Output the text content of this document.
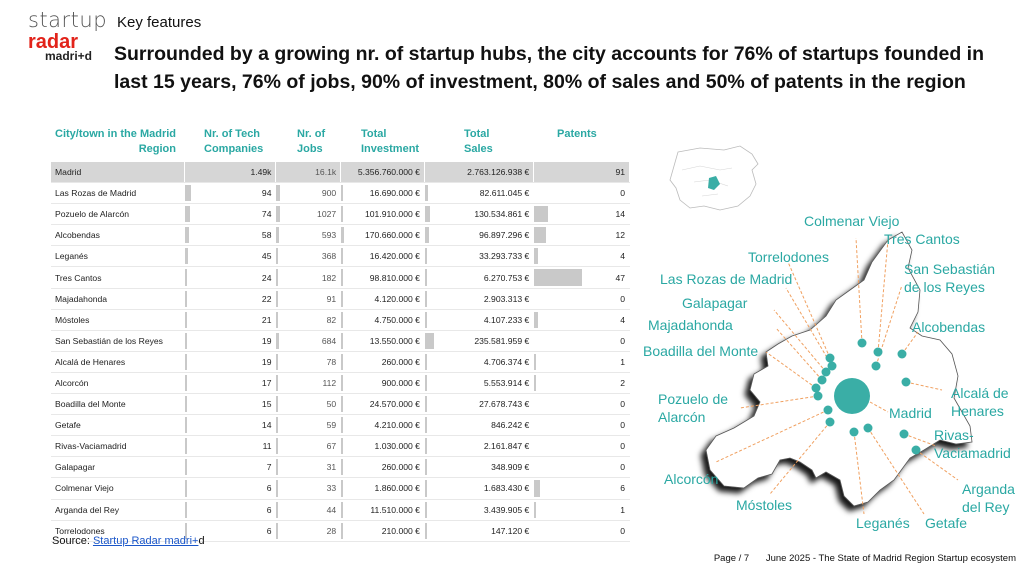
startup
radar
madri+d
Key features
Surrounded by a growing nr. of startup hubs, the city accounts for 76% of startups founded in last 15 years, 76% of jobs, 90% of investment, 80% of sales and 50% of patents in the region
City/town in the Madrid
Region
Nr. of Tech
Companies
Nr. of
Jobs
Total
Investment
Total
Sales
Patents
Madrid	1.49k	16.1k	5.356.760.000 €	2.763.126.938 €	91
Las Rozas de Madrid	94	900	16.690.000 €	82.611.045 €	0
Pozuelo de Alarcón	74	1027	101.910.000 €	130.534.861 €	14
Alcobendas	58	593	170.660.000 €	96.897.296 €	12
Leganés	45	368	16.420.000 €	33.293.733 €	4
Tres Cantos	24	182	98.810.000 €	6.270.753 €	47
Majadahonda	22	91	4.120.000 €	2.903.313 €	0
Móstoles	21	82	4.750.000 €	4.107.233 €	4
San Sebastián de los Reyes	19	684	13.550.000 €	235.581.959 €	0
Alcalá de Henares	19	78	260.000 €	4.706.374 €	1
Alcorcón	17	112	900.000 €	5.553.914 €	2
Boadilla del Monte	15	50	24.570.000 €	27.678.743 €	0
Getafe	14	59	4.210.000 €	846.242 €	0
Rivas-Vaciamadrid	11	67	1.030.000 €	2.161.847 €	0
Galapagar	7	31	260.000 €	348.909 €	0
Colmenar Viejo	6	33	1.860.000 €	1.683.430 €	6
Arganda del Rey	6	44	11.510.000 €	3.439.905 €	1
Torrelodones	6	28	210.000 €	147.120 €	0
Source: Startup Radar madri+d
Page / 7 June 2025 - The State of Madrid Region Startup ecosystem
Colmenar Viejo
Tres Cantos
Torrelodones
San Sebastián
de los Reyes
Las Rozas de Madrid
Galapagar
Majadahonda	Alcobendas
Boadilla del Monte
Alcalá de
Henares
Pozuelo de
Alarcón	Madrid
Rivas-
Vaciamadrid
Alcorcón
Arganda
del Rey
Móstoles
Leganés Getafe
